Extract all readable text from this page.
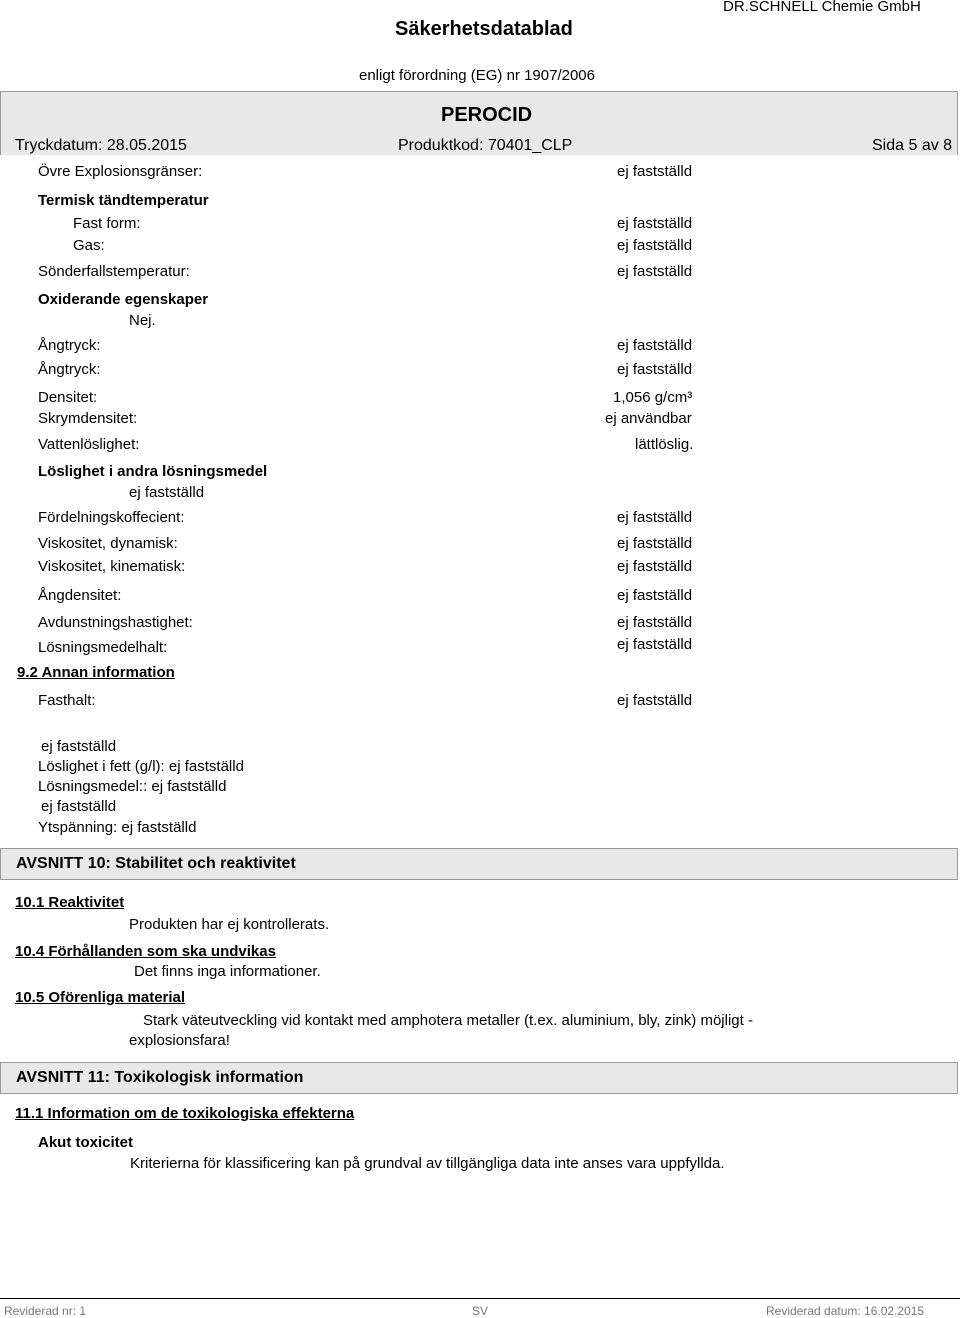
Säkerhetsdatablad
DR.SCHNELL Chemie GmbH
enligt förordning (EG) nr 1907/2006
PEROCID
Tryckdatum: 28.05.2015	Produktkod: 70401_CLP	Sida 5 av 8
Övre Explosionsgränser:	ej fastställd
Termisk tändtemperatur
Fast form:	ej fastställd
Gas:	ej fastställd
Sönderfallstemperatur:	ej fastställd
Oxiderande egenskaper
Nej.
Ångtryck:	ej fastställd
Ångtryck:	ej fastställd
Densitet:	1,056 g/cm³
Skrymdensitet:	ej användbar
Vattenlöslighet:	lättlöslig.
Löslighet i andra lösningsmedel
ej fastställd
Fördelningskoffecient:	ej fastställd
Viskositet, dynamisk:	ej fastställd
Viskositet, kinematisk:	ej fastställd
Ångdensitet:	ej fastställd
Avdunstningshastighet:	ej fastställd
Lösningsmedelhalt:	ej fastställd
9.2 Annan information
Fasthalt:	ej fastställd
ej fastställd
Löslighet i fett (g/l): ej fastställd
Lösningsmedel:: ej fastställd
ej fastställd
Ytspänning: ej fastställd
AVSNITT 10: Stabilitet och reaktivitet
10.1 Reaktivitet
Produkten har ej kontrollerats.
10.4 Förhållanden som ska undvikas
Det finns inga informationer.
10.5 Oförenliga material
Stark väteutveckling vid kontakt med amphotera metaller (t.ex. aluminium, bly, zink) möjligt -
explosionsfara!
AVSNITT 11: Toxikologisk information
11.1 Information om de toxikologiska effekterna
Akut toxicitet
Kriterierna för klassificering kan på grundval av tillgängliga data inte anses vara uppfyllda.
Reviderad nr: 1	SV	Reviderad datum: 16.02.2015
